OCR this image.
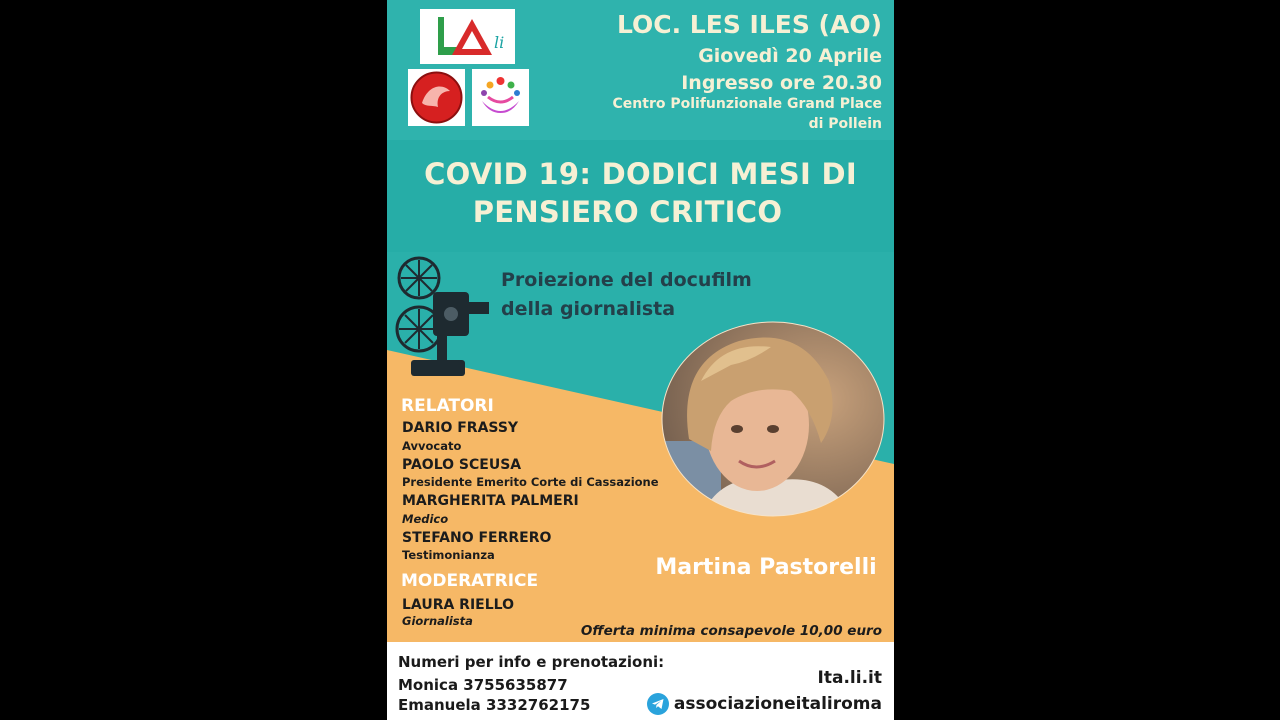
li
LOC. LES ILES (AO)
Giovedì 20 Aprile
Ingresso ore 20.30
Centro Polifunzionale Grand Place
di Pollein
COVID 19: DODICI MESI DI
PENSIERO CRITICO
Proiezione del docufilm
della giornalista
RELATORI
DARIO FRASSY
Avvocato
PAOLO SCEUSA
Presidente Emerito Corte di Cassazione
MARGHERITA PALMERI
Medico
STEFANO FERRERO
Testimonianza
MODERATRICE
LAURA RIELLO
Giornalista
Martina Pastorelli
Offerta minima consapevole 10,00 euro
Numeri per info e prenotazioni:
Monica 3755635877
Emanuela 3332762175
Ita.li.it
associazioneitaliroma
